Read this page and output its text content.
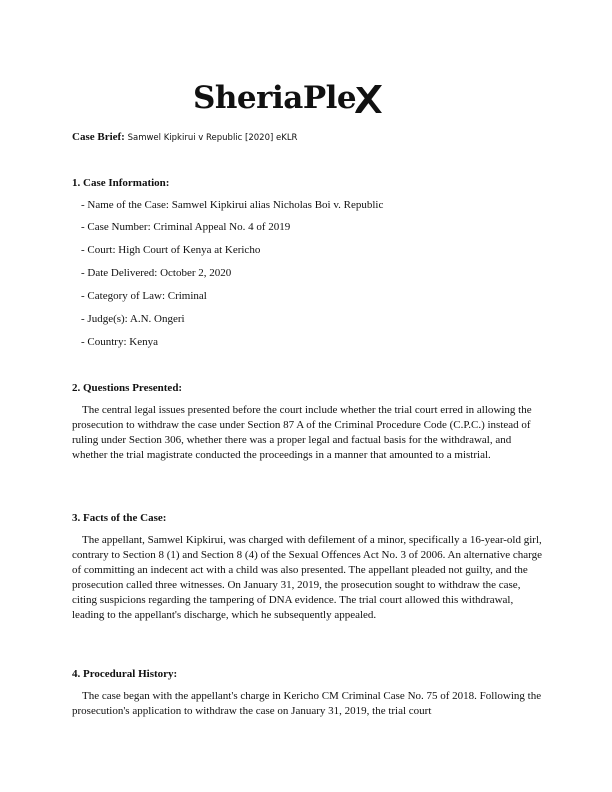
SheriaPle
Case Brief: Samwel Kipkirui v Republic [2020] eKLR
1. Case Information:
- Name of the Case: Samwel Kipkirui alias Nicholas Boi v. Republic
- Case Number: Criminal Appeal No. 4 of 2019
- Court: High Court of Kenya at Kericho
- Date Delivered: October 2, 2020
- Category of Law: Criminal
- Judge(s): A.N. Ongeri
- Country: Kenya
2. Questions Presented:

The central legal issues presented before the court include whether the trial court erred in allowing the prosecution to withdraw the case under Section 87 A of the Criminal Procedure Code (C.P.C.) instead of ruling under Section 306, whether there was a proper legal and factual basis for the withdrawal, and whether the trial magistrate conducted the proceedings in a manner that amounted to a mistrial.

3. Facts of the Case:

The appellant, Samwel Kipkirui, was charged with defilement of a minor, specifically a 16-year-old girl, contrary to Section 8 (1) and Section 8 (4) of the Sexual Offences Act No. 3 of 2006. An alternative charge of committing an indecent act with a child was also presented. The appellant pleaded not guilty, and the prosecution called three witnesses. On January 31, 2019, the prosecution sought to withdraw the case, citing suspicions regarding the tampering of DNA evidence. The trial court allowed this withdrawal, leading to the appellant's discharge, which he subsequently appealed.

4. Procedural History:

The case began with the appellant's charge in Kericho CM Criminal Case No. 75 of 2018. Following the prosecution's application to withdraw the case on January 31, 2019, the trial court
